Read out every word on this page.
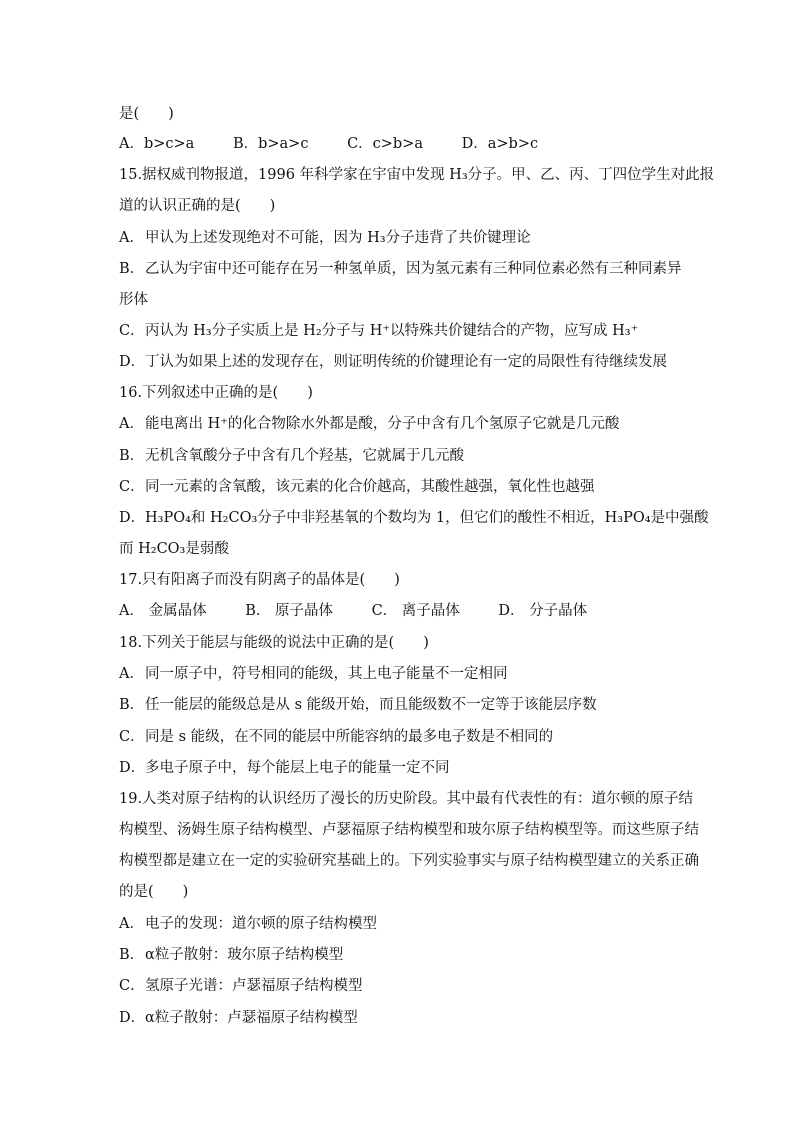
是(　　)
A．b>c>a	B．b>a>c	C．c>b>a	D．a>b>c
15.据权威刊物报道，1996 年科学家在宇宙中发现 H₃分子。甲、乙、丙、丁四位学生对此报
道的认识正确的是(　　)
A．甲认为上述发现绝对不可能，因为 H₃分子违背了共价键理论
B．乙认为宇宙中还可能存在另一种氢单质，因为氢元素有三种同位素必然有三种同素异
形体
C．丙认为 H₃分子实质上是 H₂分子与 H⁺以特殊共价键结合的产物，应写成 H₃⁺
D．丁认为如果上述的发现存在，则证明传统的价键理论有一定的局限性有待继续发展
16.下列叙述中正确的是(　　)
A．能电离出 H⁺的化合物除水外都是酸，分子中含有几个氢原子它就是几元酸
B．无机含氧酸分子中含有几个羟基，它就属于几元酸
C．同一元素的含氧酸，该元素的化合价越高，其酸性越强，氧化性也越强
D．H₃PO₄和 H₂CO₃分子中非羟基氧的个数均为 1，但它们的酸性不相近，H₃PO₄是中强酸
而 H₂CO₃是弱酸
17.只有阳离子而没有阴离子的晶体是(　　)
A． 金属晶体	B． 原子晶体	C． 离子晶体	D． 分子晶体
18.下列关于能层与能级的说法中正确的是(　　)
A．同一原子中，符号相同的能级，其上电子能量不一定相同
B．任一能层的能级总是从 s 能级开始，而且能级数不一定等于该能层序数
C．同是 s 能级，在不同的能层中所能容纳的最多电子数是不相同的
D．多电子原子中，每个能层上电子的能量一定不同
19.人类对原子结构的认识经历了漫长的历史阶段。其中最有代表性的有：道尔顿的原子结
构模型、汤姆生原子结构模型、卢瑟福原子结构模型和玻尔原子结构模型等。而这些原子结
构模型都是建立在一定的实验研究基础上的。下列实验事实与原子结构模型建立的关系正确
的是(　　)
A．电子的发现：道尔顿的原子结构模型
B．α粒子散射：玻尔原子结构模型
C．氢原子光谱：卢瑟福原子结构模型
D．α粒子散射：卢瑟福原子结构模型
